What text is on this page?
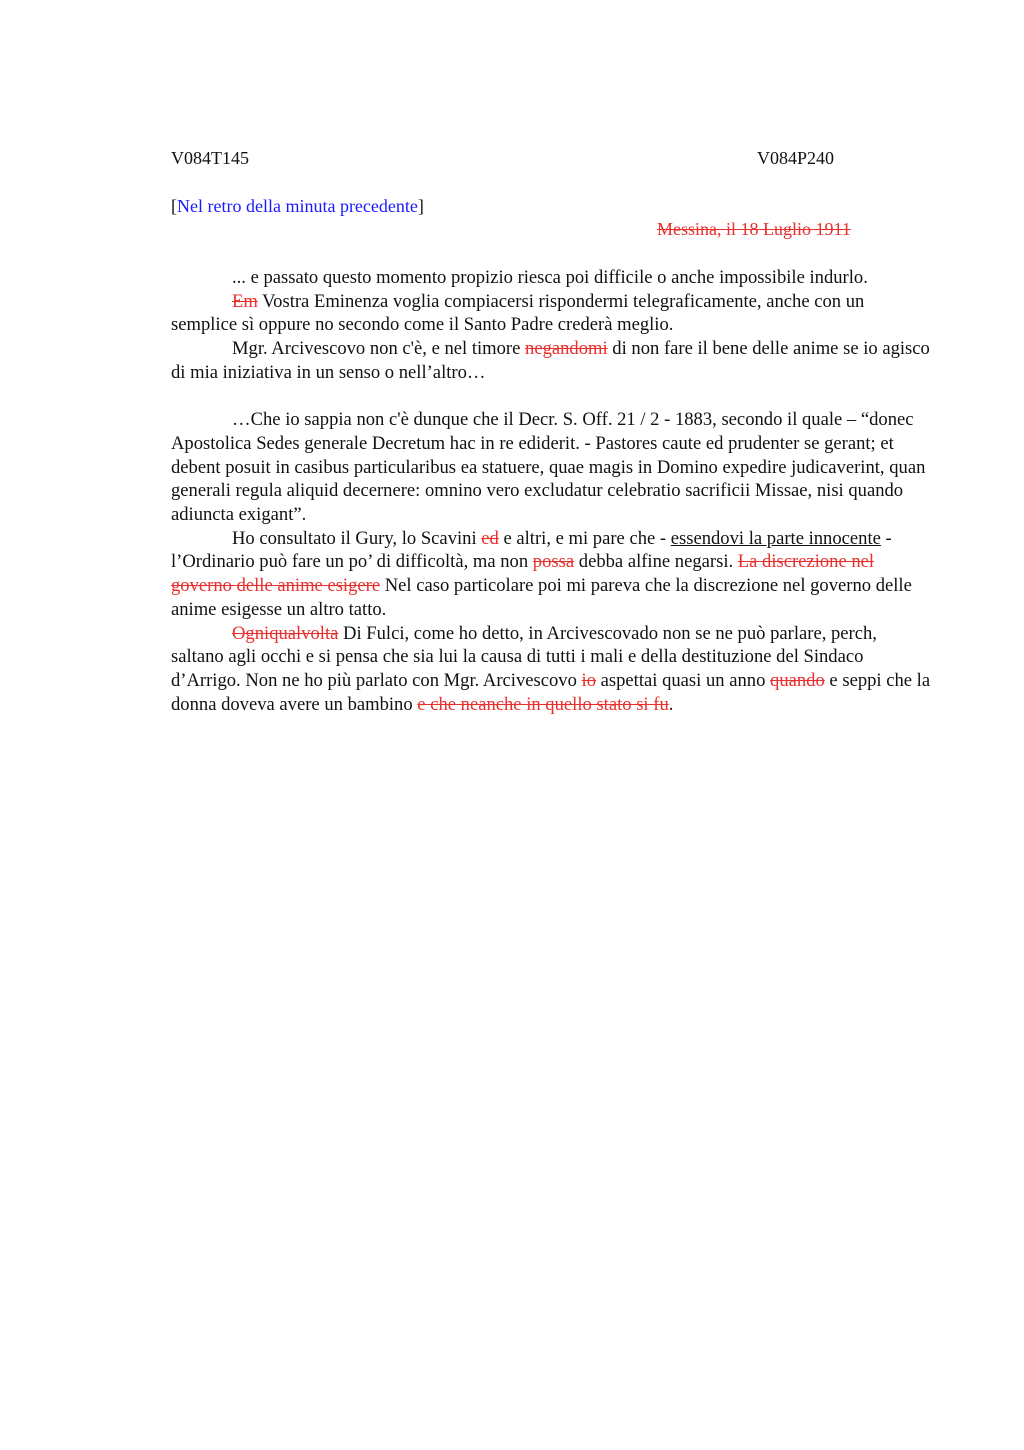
V084T145	V084P240
[Nel retro della minuta precedente]
Messina, il 18 Luglio 1911

... e passato questo momento propizio riesca poi difficile o anche impossibile indurlo.

Em Vostra Eminenza voglia compiacersi rispondermi telegraficamente, anche con un semplice sì oppure no secondo come il Santo Padre crederà meglio.

Mgr. Arcivescovo non c'è, e nel timore negandomi di non fare il bene delle anime se io agisco di mia iniziativa in un senso o nell’altro…

…Che io sappia non c'è dunque che il Decr. S. Off. 21 / 2 - 1883, secondo il quale – “donec Apostolica Sedes generale Decretum hac in re ediderit. - Pastores caute ed prudenter se gerant; et debent posuit in casibus particularibus ea statuere, quae magis in Domino expedire judicaverint, quan generali regula aliquid decernere: omnino vero excludatur celebratio sacrificii Missae, nisi quando adiuncta exigant”.

Ho consultato il Gury, lo Scavini ed e altri, e mi pare che - essendovi la parte innocente - l’Ordinario può fare un po’ di difficoltà, ma non possa debba alfine negarsi. La discrezione nel governo delle anime esigere Nel caso particolare poi mi pareva che la discrezione nel governo delle anime esigesse un altro tatto.

Ogniqualvolta Di Fulci, come ho detto, in Arcivescovado non se ne può parlare, perch, saltano agli occhi e si pensa che sia lui la causa di tutti i mali e della destituzione del Sindaco d’Arrigo. Non ne ho più parlato con Mgr. Arcivescovo io aspettai quasi un anno quando e seppi che la donna doveva avere un bambino e che neanche in quello stato si fu.
